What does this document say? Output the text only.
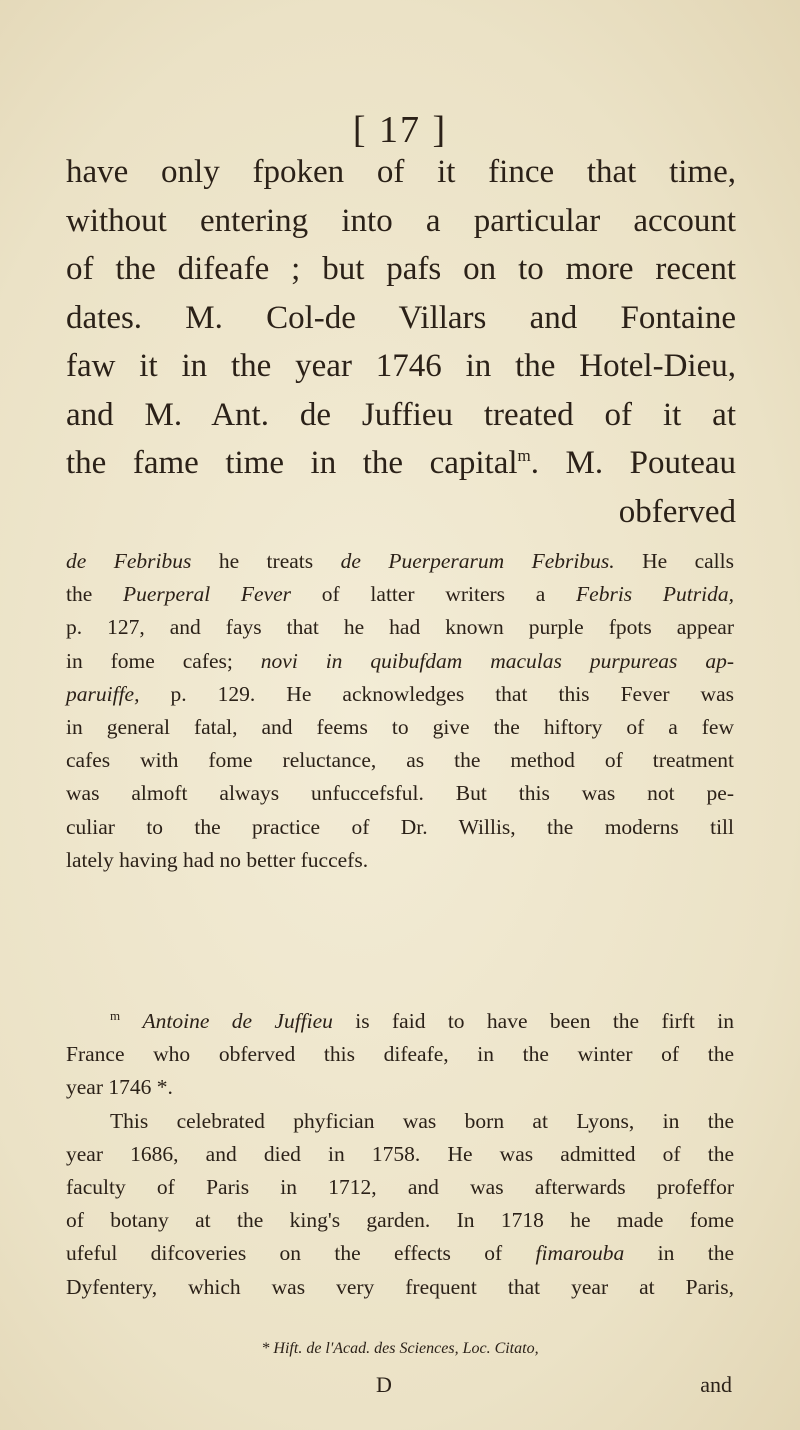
[ 17 ]
have only fpoken of it fince that time,
without entering into a particular account
of the difeafe ; but pafs on to more recent
dates. M. Col-de Villars and Fontaine
faw it in the year 1746 in the Hotel-Dieu,
and M. Ant. de Juffieu treated of it at
the fame time in the capital$^m$. M. Pouteau
obferved
de Febribus he treats de Puerperarum Febribus. He calls
the Puerperal Fever of latter writers a Febris Putrida,
p. 127, and fays that he had known purple fpots appear
in fome cafes; novi in quibufdam maculas purpureas ap-
paruiffe, p. 129. He acknowledges that this Fever was
in general fatal, and feems to give the hiftory of a few
cafes with fome reluctance, as the method of treatment
was almoft always unfuccefsful. But this was not pe-
culiar to the practice of Dr. Willis, the moderns till
lately having had no better fuccefs.
$^m$ Antoine de Juffieu is faid to have been the firft in
France who obferved this difeafe, in the winter of the
year 1746 *.
This celebrated phyfician was born at Lyons, in the
year 1686, and died in 1758. He was admitted of the
faculty of Paris in 1712, and was afterwards profeffor
of botany at the king's garden. In 1718 he made fome
ufeful difcoveries on the effects of fimarouba in the
Dyfentery, which was very frequent that year at Paris,
* Hift. de l'Acad. des Sciences, Loc. Citato,
D	and
